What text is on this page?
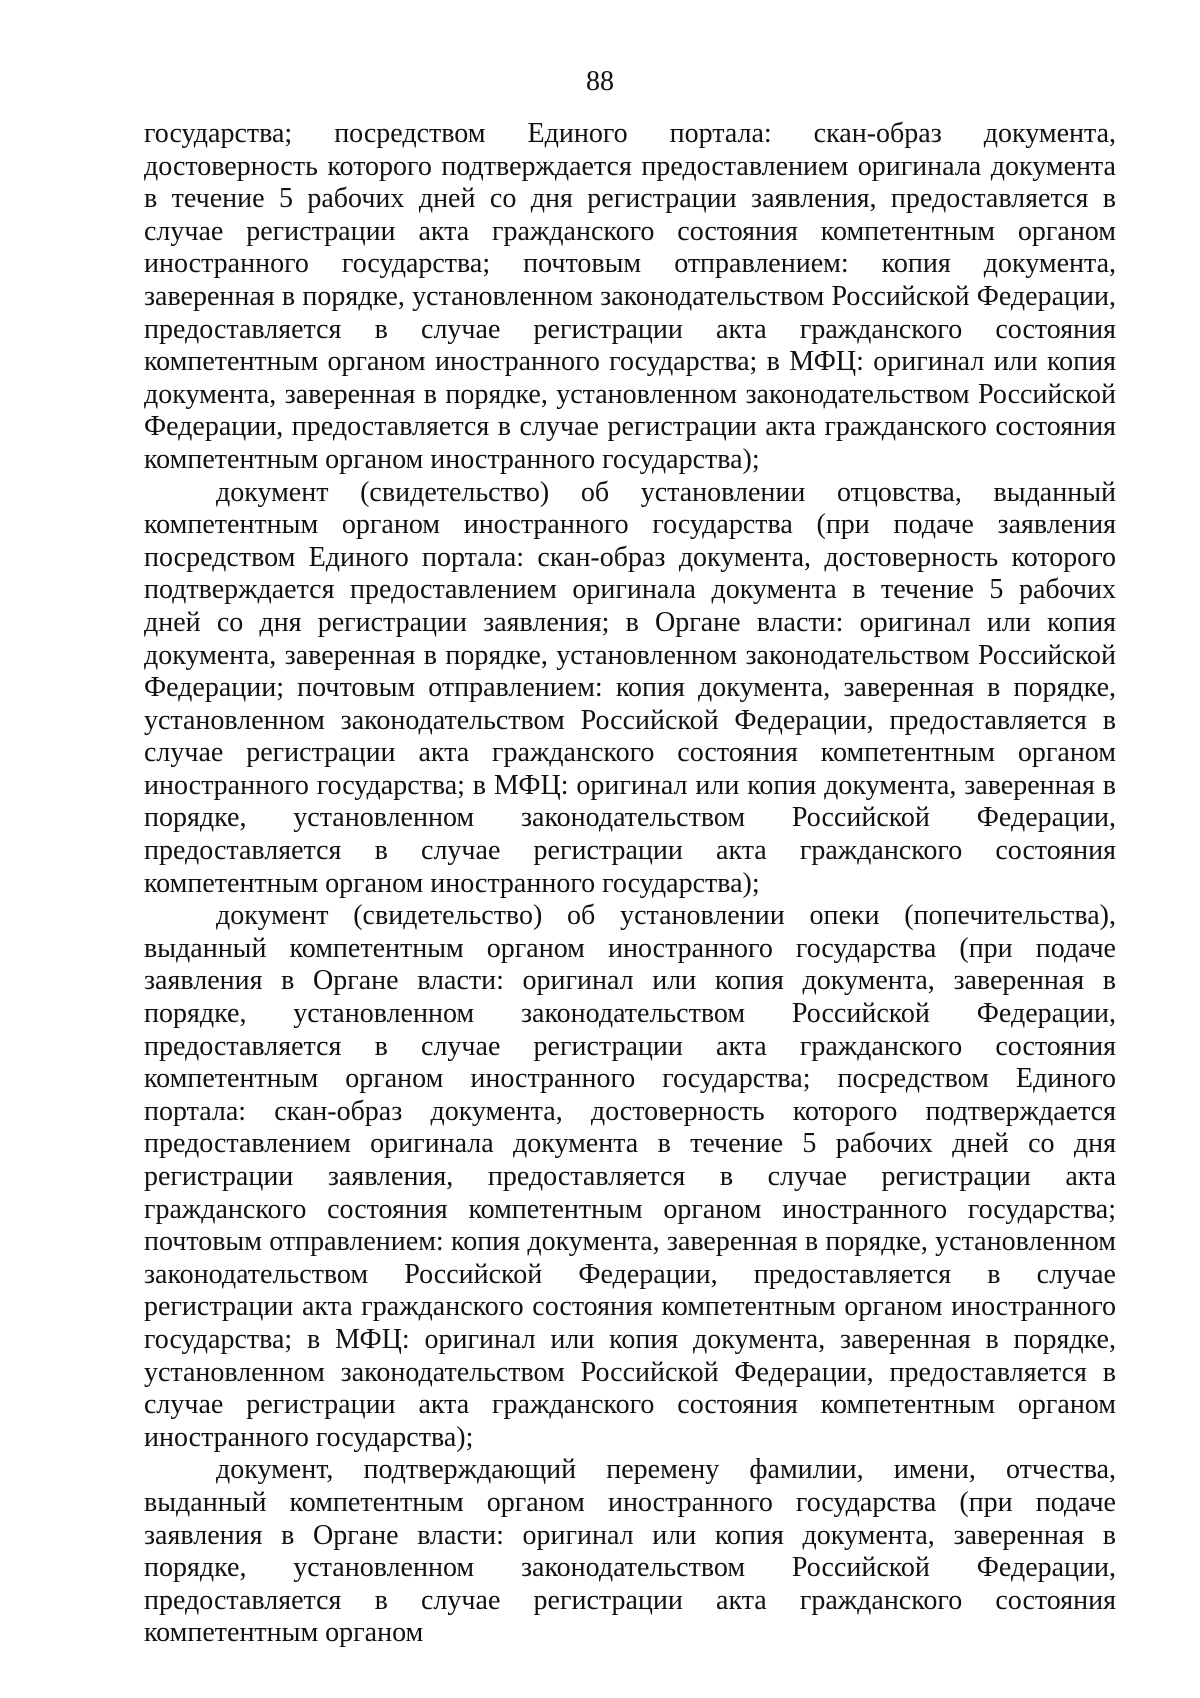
88

государства; посредством Единого портала: скан-образ документа, достоверность которого подтверждается предоставлением оригинала документа в течение 5 рабочих дней со дня регистрации заявления, предоставляется в случае регистрации акта гражданского состояния компетентным органом иностранного государства; почтовым отправлением: копия документа, заверенная в порядке, установленном законодательством Российской Федерации, предоставляется в случае регистрации акта гражданского состояния компетентным органом иностранного государства; в МФЦ: оригинал или копия документа, заверенная в порядке, установленном законодательством Российской Федерации, предоставляется в случае регистрации акта гражданского состояния компетентным органом иностранного государства);

документ (свидетельство) об установлении отцовства, выданный компетентным органом иностранного государства (при подаче заявления посредством Единого портала: скан-образ документа, достоверность которого подтверждается предоставлением оригинала документа в течение 5 рабочих дней со дня регистрации заявления; в Органе власти: оригинал или копия документа, заверенная в порядке, установленном законодательством Российской Федерации; почтовым отправлением: копия документа, заверенная в порядке, установленном законодательством Российской Федерации, предоставляется в случае регистрации акта гражданского состояния компетентным органом иностранного государства; в МФЦ: оригинал или копия документа, заверенная в порядке, установленном законодательством Российской Федерации, предоставляется в случае регистрации акта гражданского состояния компетентным органом иностранного государства);

документ (свидетельство) об установлении опеки (попечительства), выданный компетентным органом иностранного государства (при подаче заявления в Органе власти: оригинал или копия документа, заверенная в порядке, установленном законодательством Российской Федерации, предоставляется в случае регистрации акта гражданского состояния компетентным органом иностранного государства; посредством Единого портала: скан-образ документа, достоверность которого подтверждается предоставлением оригинала документа в течение 5 рабочих дней со дня регистрации заявления, предоставляется в случае регистрации акта гражданского состояния компетентным органом иностранного государства; почтовым отправлением: копия документа, заверенная в порядке, установленном законодательством Российской Федерации, предоставляется в случае регистрации акта гражданского состояния компетентным органом иностранного государства; в МФЦ: оригинал или копия документа, заверенная в порядке, установленном законодательством Российской Федерации, предоставляется в случае регистрации акта гражданского состояния компетентным органом иностранного государства);

документ, подтверждающий перемену фамилии, имени, отчества, выданный компетентным органом иностранного государства (при подаче заявления в Органе власти: оригинал или копия документа, заверенная в порядке, установленном законодательством Российской Федерации, предоставляется в случае регистрации акта гражданского состояния компетентным органом
